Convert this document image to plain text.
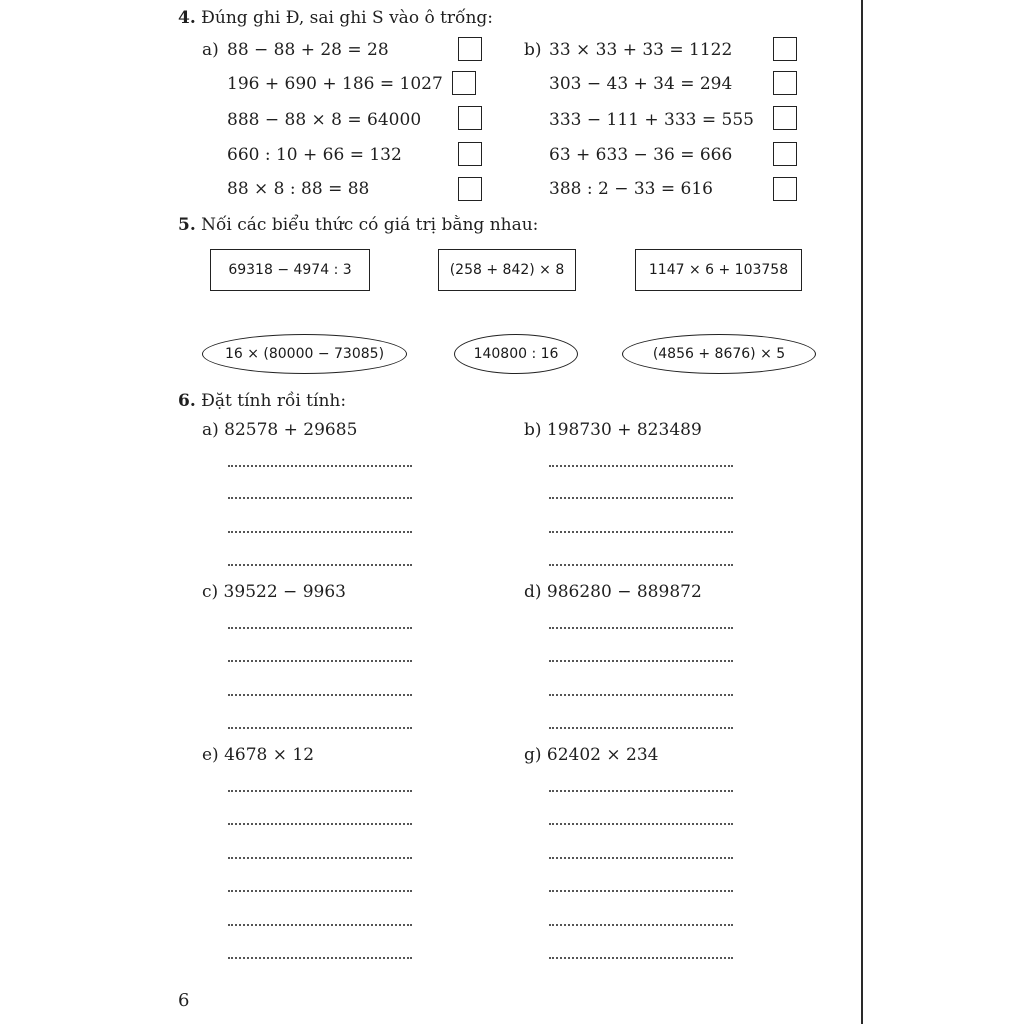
4. Đúng ghi Đ, sai ghi S vào ô trống:
a) 88 − 88 + 28 = 28
196 + 690 + 186 = 1027
888 − 88 × 8 = 64000
660 : 10 + 66 = 132
88 × 8 : 88 = 88
b) 33 × 33 + 33 = 1122
303 − 43 + 34 = 294
333 − 111 + 333 = 555
63 + 633 − 36 = 666
388 : 2 − 33 = 616
5. Nối các biểu thức có giá trị bằng nhau:
69318 − 4974 : 3	(258 + 842) × 8	1147 × 6 + 103758
16 × (80000 − 73085)	140800 : 16	(4856 + 8676) × 5
6. Đặt tính rồi tính:
a) 82578 + 29685	b) 198730 + 823489
c) 39522 − 9963	d) 986280 − 889872
e) 4678 × 12	g) 62402 × 234
6
